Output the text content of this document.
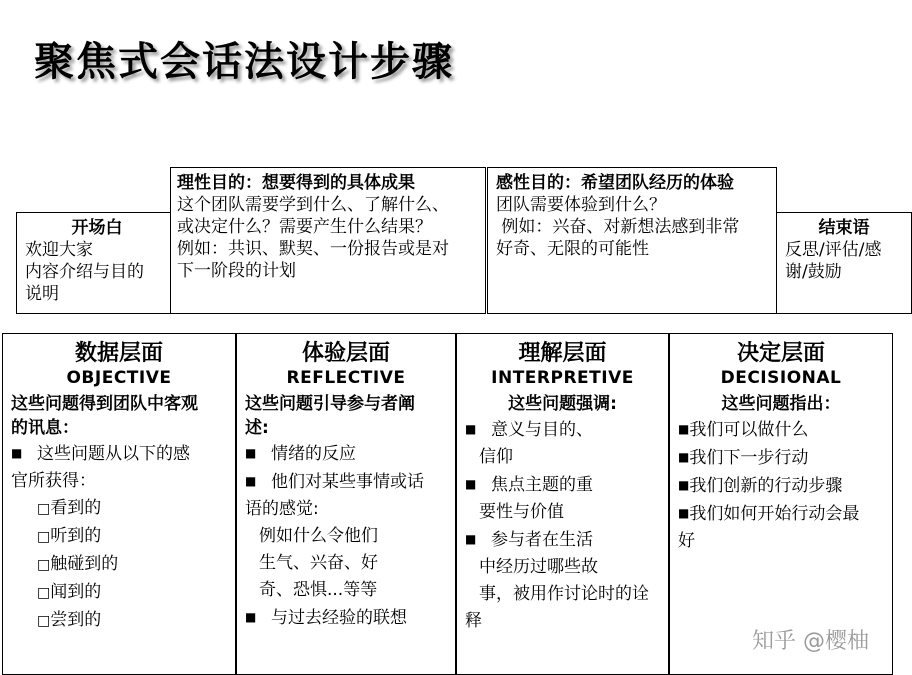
聚焦式会话法设计步骤
开场白
欢迎大家
内容介绍与目的
说明
理性目的：想要得到的具体成果
这个团队需要学到什么、了解什么、
或决定什么？需要产生什么结果？
例如：共识、默契、一份报告或是对
下一阶段的计划
感性目的：希望团队经历的体验
团队需要体验到什么？
例如：兴奋、对新想法感到非常
好奇、无限的可能性
结束语
反思/评估/感
谢/鼓励
数据层面
OBJECTIVE
这些问题得到团队中客观
的讯息：
■ 这些问题从以下的感
官所获得：
□看到的
□听到的
□触碰到的
□闻到的
□尝到的
体验层面
REFLECTIVE
这些问题引导参与者阐
述:
■ 情绪的反应
■ 他们对某些事情或话
语的感觉:
例如什么令他们
生气、兴奋、好
奇、恐惧...等等
■ 与过去经验的联想
理解层面
INTERPRETIVE
这些问题强调:
■ 意义与目的、
信仰
■ 焦点主题的重
要性与价值
■ 参与者在生活
中经历过哪些故
事，被用作讨论时的诠
释
决定层面
DECISIONAL
这些问题指出：
■我们可以做什么
■我们下一步行动
■我们创新的行动步骤
■我们如何开始行动会最
好
知乎 @樱柚
